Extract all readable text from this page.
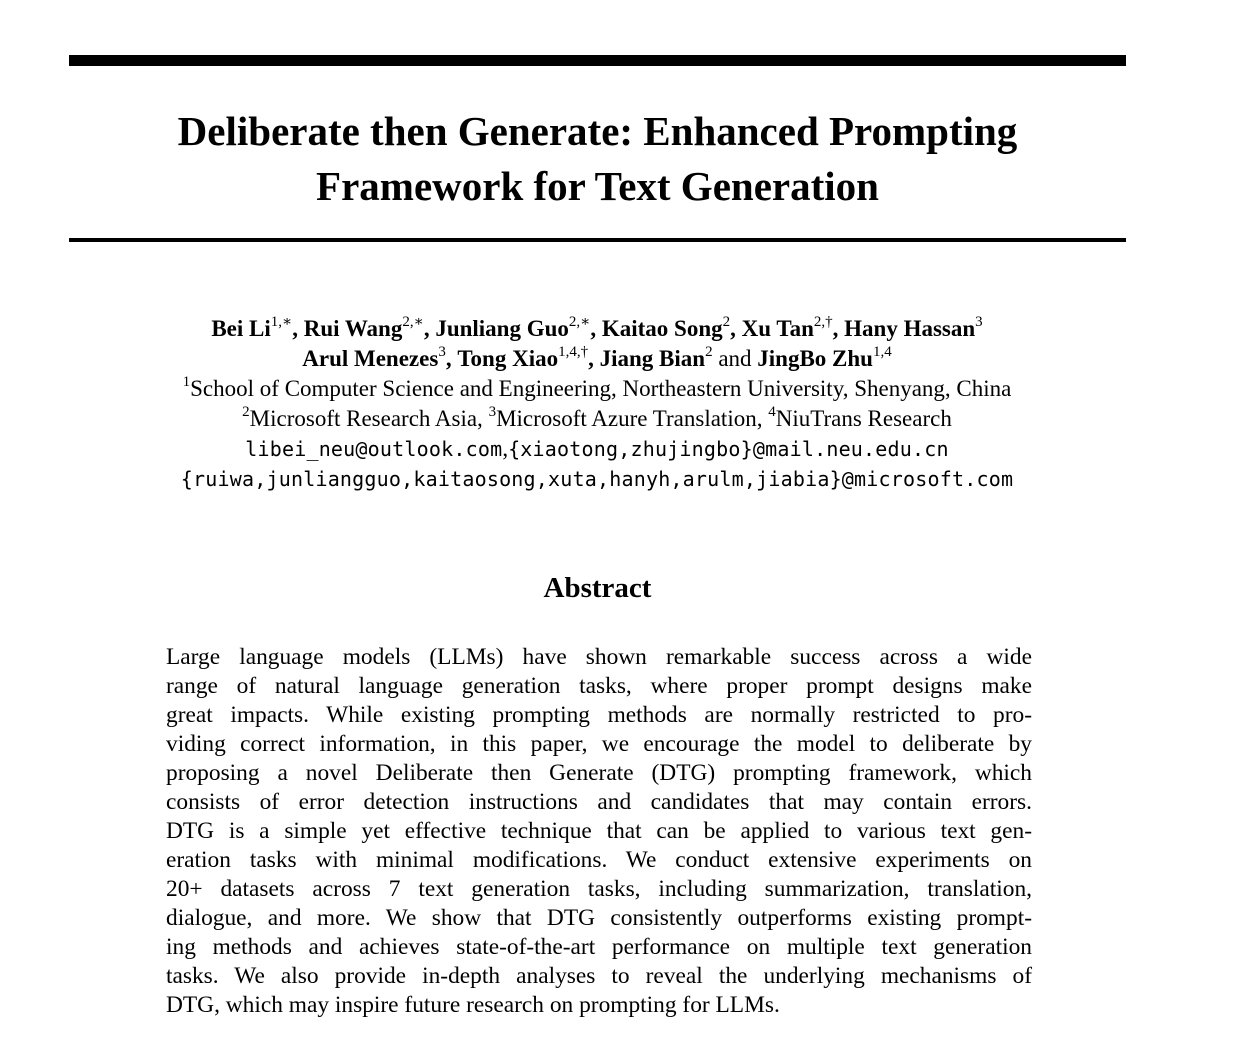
Deliberate then Generate: Enhanced Prompting
Framework for Text Generation
Bei $Li^{1,∗}$, Rui Wang$^{2,∗}$, Junliang Guo$^{2,∗}$, Kaitao Song$^2$, Xu Tan$^{2,\dagger}$, Hany Hassan$^3$
Arul Menezes$^3$, Tong Xiao$^{1,4,\dagger}$, Jiang Bian$^2$ and JingBo Zhu$^{1,4}$
$^1$School of Computer Science and Engineering, Northeastern University, Shenyang, China
$^2$Microsoft Research Asia, $^3$Microsoft Azure Translation, $^4$NiuTrans Research
libei_neu@outlook.com,{xiaotong,zhujingbo}@mail.neu.edu.cn
{ruiwa,junliangguo,kaitaosong,xuta,hanyh,arulm,jiabia}@microsoft.com
Abstract
Large language models (LLMs) have shown remarkable success across a wide
range of natural language generation tasks, where proper prompt designs make
great impacts. While existing prompting methods are normally restricted to pro-
viding correct information, in this paper, we encourage the model to deliberate by
proposing a novel Deliberate then Generate (DTG) prompting framework, which
consists of error detection instructions and candidates that may contain errors.
DTG is a simple yet effective technique that can be applied to various text gen-
eration tasks with minimal modifications. We conduct extensive experiments on
20+ datasets across 7 text generation tasks, including summarization, translation,
dialogue, and more. We show that DTG consistently outperforms existing prompt-
ing methods and achieves state-of-the-art performance on multiple text generation
tasks. We also provide in-depth analyses to reveal the underlying mechanisms of
DTG, which may inspire future research on prompting for LLMs.
